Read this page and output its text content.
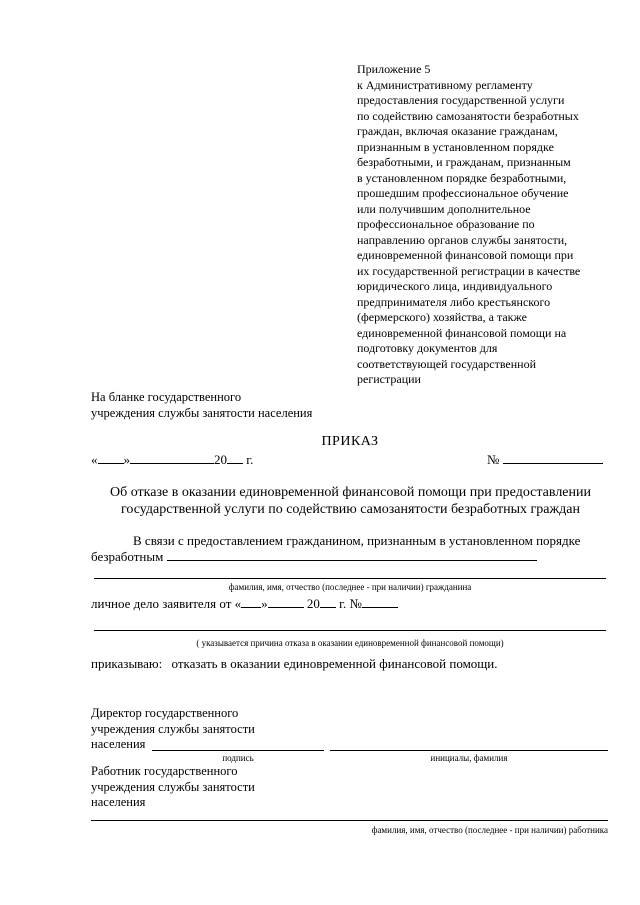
Приложение 5
к Административному регламенту
предоставления государственной услуги
по содействию самозанятости безработных
граждан, включая оказание гражданам,
признанным в установленном порядке
безработными, и гражданам, признанным
в установленном порядке безработными,
прошедшим профессиональное обучение
или получившим дополнительное
профессиональное образование по
направлению органов службы занятости,
единовременной финансовой помощи при
их государственной регистрации в качестве
юридического лица, индивидуального
предпринимателя либо крестьянского
(фермерского) хозяйства, а также
единовременной финансовой помощи на
подготовку документов для
соответствующей государственной
регистрации
На бланке государственного
учреждения службы занятости населения
ПРИКАЗ
« »	20 г.	№
Об отказе в оказании единовременной финансовой помощи при предоставлении
государственной услуги по содействию самозанятости безработных граждан
В связи с предоставлением гражданином, признанным в установленном порядке
безработным
фамилия, имя, отчество (последнее - при наличии) гражданина
личное дело заявителя от « »	20 г. №
( указывается причина отказа в оказании единовременной финансовой помощи)
приказываю: отказать в оказании единовременной финансовой помощи.
Директор государственного
учреждения службы занятости
населения
подпись	инициалы, фамилия
Работник государственного
учреждения службы занятости
населения
фамилия, имя, отчество (последнее - при наличии) работника
